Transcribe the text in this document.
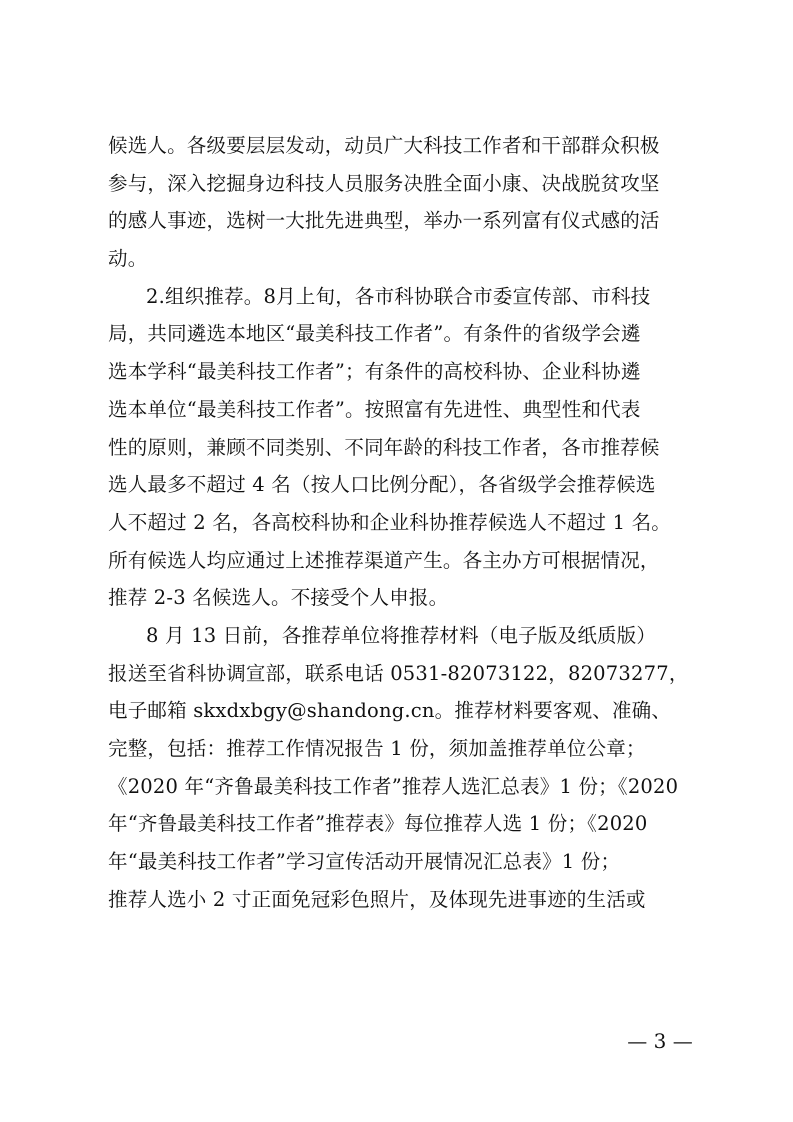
候选人。各级要层层发动，动员广大科技工作者和干部群众积极
参与，深入挖掘身边科技人员服务决胜全面小康、决战脱贫攻坚
的感人事迹，选树一大批先进典型，举办一系列富有仪式感的活
动。
2.组织推荐。8月上旬，各市科协联合市委宣传部、市科技
局，共同遴选本地区“最美科技工作者”。有条件的省级学会遴
选本学科“最美科技工作者”；有条件的高校科协、企业科协遴
选本单位“最美科技工作者”。按照富有先进性、典型性和代表
性的原则，兼顾不同类别、不同年龄的科技工作者，各市推荐候
选人最多不超过 4 名（按人口比例分配），各省级学会推荐候选
人不超过 2 名，各高校科协和企业科协推荐候选人不超过 1 名。
所有候选人均应通过上述推荐渠道产生。各主办方可根据情况，
推荐 2-3 名候选人。不接受个人申报。
8 月 13 日前，各推荐单位将推荐材料（电子版及纸质版）
报送至省科协调宣部，联系电话 0531-82073122，82073277，
电子邮箱 skxdxbgy@shandong.cn。推荐材料要客观、准确、
完整，包括：推荐工作情况报告 1 份，须加盖推荐单位公章；
《2020 年“齐鲁最美科技工作者”推荐人选汇总表》1 份；《2020
年“齐鲁最美科技工作者”推荐表》每位推荐人选 1 份；《2020
年“最美科技工作者”学习宣传活动开展情况汇总表》1 份；
推荐人选小 2 寸正面免冠彩色照片，及体现先进事迹的生活或
— 3 —
